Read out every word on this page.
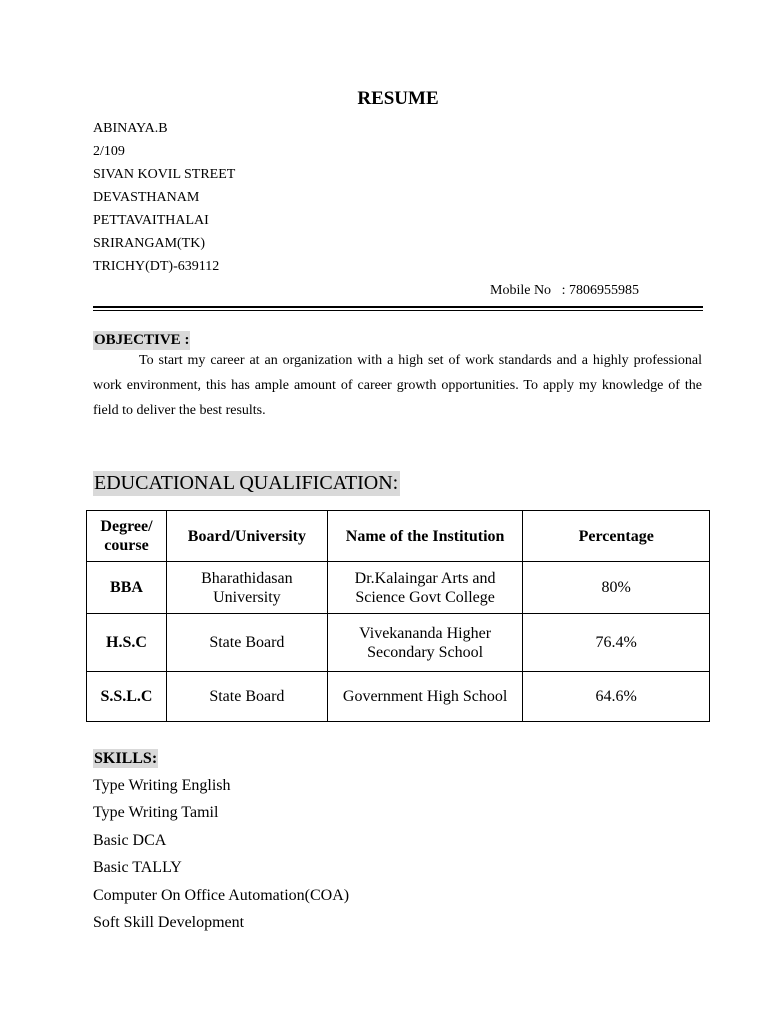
RESUME
ABINAYA.B
2/109
SIVAN KOVIL STREET
DEVASTHANAM
PETTAVAITHALAI
SRIRANGAM(TK)
TRICHY(DT)-639112
Mobile No : 7806955985
OBJECTIVE :

To start my career at an organization with a high set of work standards and a highly professional work environment, this has ample amount of career growth opportunities. To apply my knowledge of the field to deliver the best results.

EDUCATIONAL QUALIFICATION:
Degree/ course	Board/University	Name of the Institution	Percentage
BBA	Bharathidasan University	Dr.Kalaingar Arts and Science Govt College	80%
H.S.C	State Board	Vivekananda Higher Secondary School	76.4%
S.S.L.C	State Board	Government High School	64.6%
SKILLS:
Type Writing English
Type Writing Tamil
Basic DCA
Basic TALLY
Computer On Office Automation(COA)
Soft Skill Development
